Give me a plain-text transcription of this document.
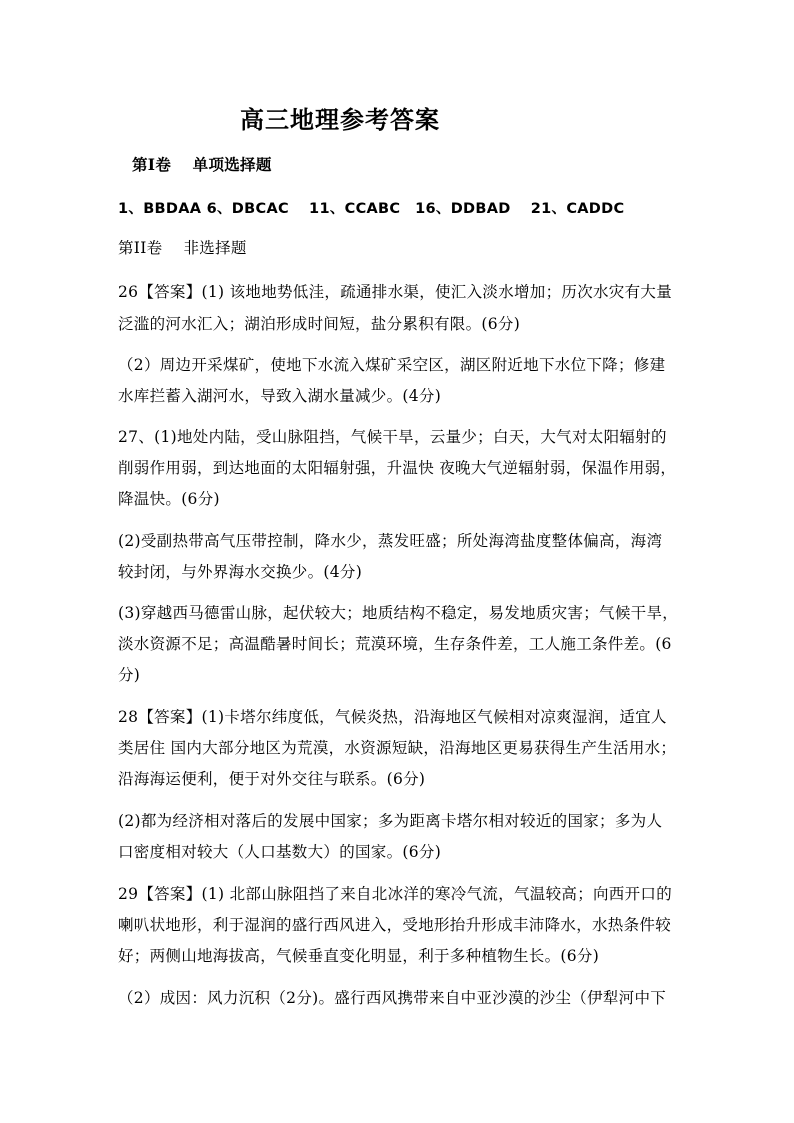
高三地理参考答案
第Ⅰ卷　 单项选择题
1、BBDAA 6、DBCAC　 11、CCABC　16、DDBAD　 21、CADDC
第II卷　 非选择题
26【答案】(1) 该地地势低洼，疏通排水渠，使汇入淡水增加；历次水灾有大量
泛滥的河水汇入；湖泊形成时间短，盐分累积有限。(6分)
（2）周边开采煤矿，使地下水流入煤矿采空区，湖区附近地下水位下降；修建
水库拦蓄入湖河水，导致入湖水量减少。(4分)
27、(1)地处内陆，受山脉阻挡，气候干旱，云量少；白天，大气对太阳辐射的
削弱作用弱，到达地面的太阳辐射强，升温快 夜晚大气逆辐射弱，保温作用弱，
降温快。(6分)
(2)受副热带高气压带控制，降水少，蒸发旺盛；所处海湾盐度整体偏高，海湾
较封闭，与外界海水交换少。(4分)
(3)穿越西马德雷山脉，起伏较大；地质结构不稳定，易发地质灾害；气候干旱，
淡水资源不足；高温酷暑时间长；荒漠环境，生存条件差，工人施工条件差。(6
分)
28【答案】(1)卡塔尔纬度低，气候炎热，沿海地区气候相对凉爽湿润，适宜人
类居住 国内大部分地区为荒漠，水资源短缺，沿海地区更易获得生产生活用水；
沿海海运便利，便于对外交往与联系。(6分)
(2)都为经济相对落后的发展中国家；多为距离卡塔尔相对较近的国家；多为人
口密度相对较大（人口基数大）的国家。(6分)
29【答案】(1) 北部山脉阻挡了来自北冰洋的寒冷气流，气温较高；向西开口的
喇叭状地形，利于湿润的盛行西风进入，受地形抬升形成丰沛降水，水热条件较
好；两侧山地海拔高，气候垂直变化明显，利于多种植物生长。(6分)
（2）成因：风力沉积（2分)。盛行西风携带来自中亚沙漠的沙尘（伊犁河中下
